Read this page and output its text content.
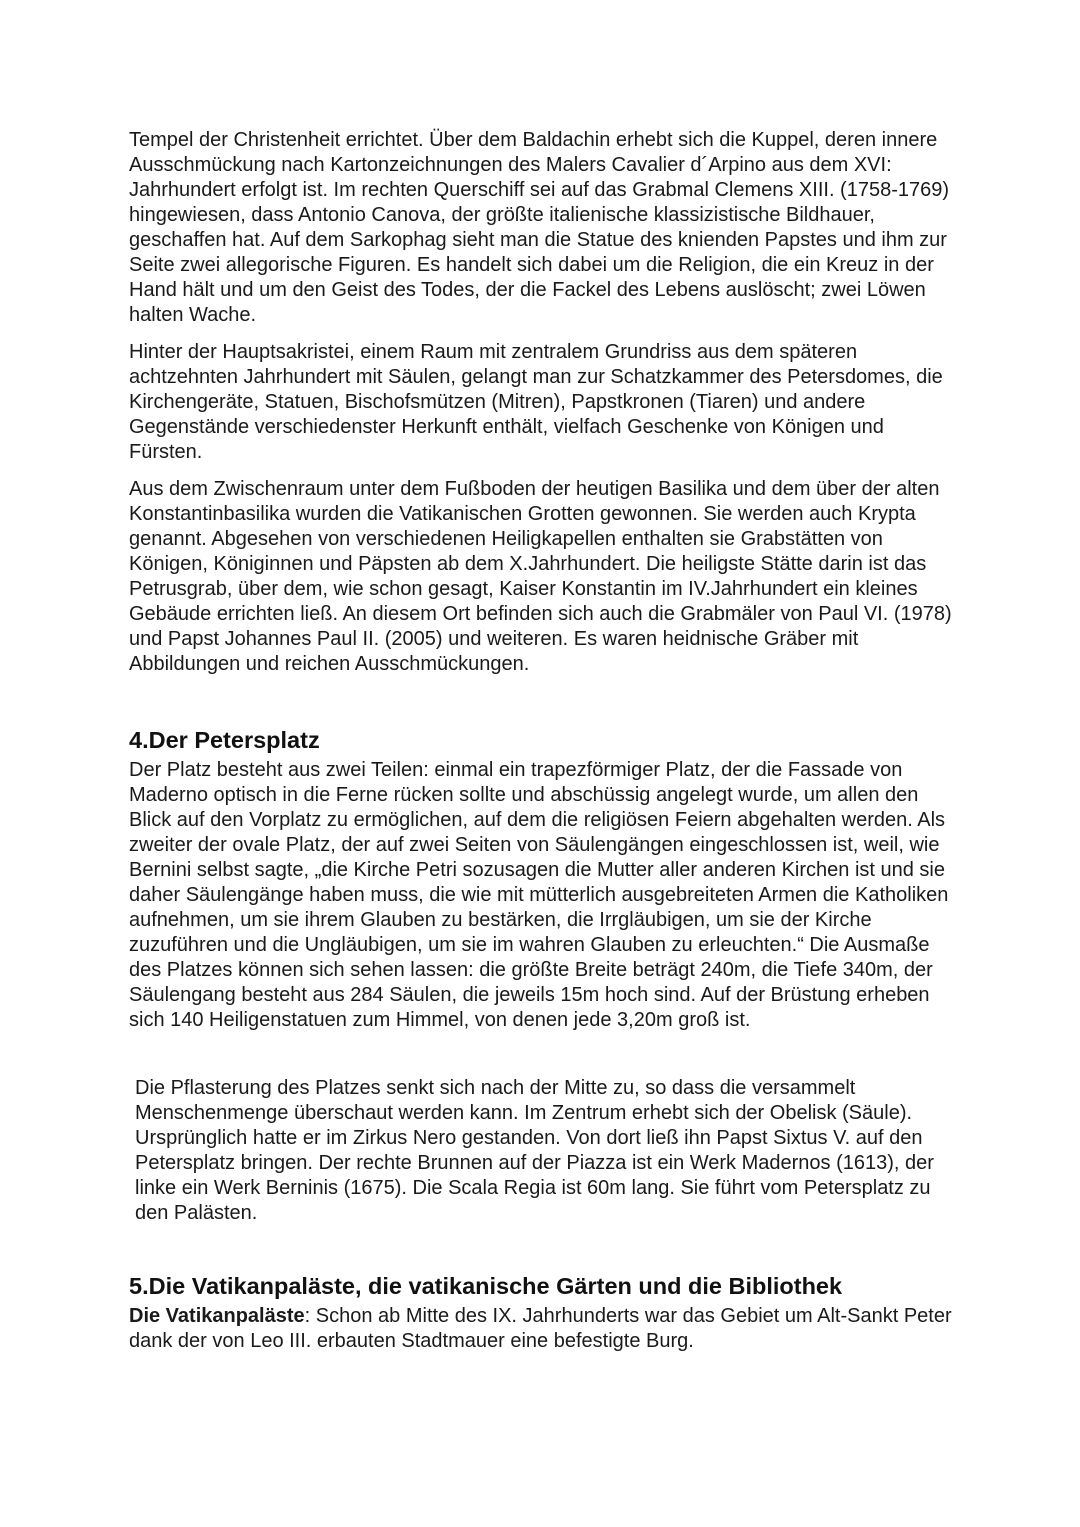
Tempel der Christenheit errichtet. Über dem Baldachin erhebt sich die Kuppel, deren innere Ausschmückung nach Kartonzeichnungen des Malers Cavalier d´Arpino aus dem XVI: Jahrhundert erfolgt ist. Im rechten Querschiff sei auf das Grabmal Clemens XIII. (1758-1769) hingewiesen, dass Antonio Canova, der größte italienische klassizistische Bildhauer, geschaffen hat. Auf dem Sarkophag sieht man die Statue des knienden Papstes und ihm zur Seite zwei allegorische Figuren. Es handelt sich dabei um die Religion, die ein Kreuz in der Hand hält und um den Geist des Todes, der die Fackel des Lebens auslöscht; zwei Löwen halten Wache.

Hinter der Hauptsakristei, einem Raum mit zentralem Grundriss aus dem späteren achtzehnten Jahrhundert mit Säulen, gelangt man zur Schatzkammer des Petersdomes, die Kirchengeräte, Statuen, Bischofsmützen (Mitren), Papstkronen (Tiaren) und andere Gegenstände verschiedenster Herkunft enthält, vielfach Geschenke von Königen und Fürsten.

Aus dem Zwischenraum unter dem Fußboden der heutigen Basilika und dem über der alten Konstantinbasilika wurden die Vatikanischen Grotten gewonnen. Sie werden auch Krypta genannt. Abgesehen von verschiedenen Heiligkapellen enthalten sie Grabstätten von Königen, Königinnen und Päpsten ab dem X.Jahrhundert. Die heiligste Stätte darin ist das Petrusgrab, über dem, wie schon gesagt, Kaiser Konstantin im IV.Jahrhundert ein kleines Gebäude errichten ließ. An diesem Ort befinden sich auch die Grabmäler von Paul VI. (1978) und Papst Johannes Paul II. (2005) und weiteren. Es waren heidnische Gräber mit Abbildungen und reichen Ausschmückungen.

4.Der Petersplatz

Der Platz besteht aus zwei Teilen: einmal ein trapezförmiger Platz, der die Fassade von Maderno optisch in die Ferne rücken sollte und abschüssig angelegt wurde, um allen den Blick auf den Vorplatz zu ermöglichen, auf dem die religiösen Feiern abgehalten werden. Als zweiter der ovale Platz, der auf zwei Seiten von Säulengängen eingeschlossen ist, weil, wie Bernini selbst sagte, „die Kirche Petri sozusagen die Mutter aller anderen Kirchen ist und sie daher Säulengänge haben muss, die wie mit mütterlich ausgebreiteten Armen die Katholiken aufnehmen, um sie ihrem Glauben zu bestärken, die Irrgläubigen, um sie der Kirche zuzuführen und die Ungläubigen, um sie im wahren Glauben zu erleuchten.“ Die Ausmaße des Platzes können sich sehen lassen: die größte Breite beträgt 240m, die Tiefe 340m, der Säulengang besteht aus 284 Säulen, die jeweils 15m hoch sind. Auf der Brüstung erheben sich 140 Heiligenstatuen zum Himmel, von denen jede 3,20m groß ist.

Die Pflasterung des Platzes senkt sich nach der Mitte zu, so dass die versammelt Menschenmenge überschaut werden kann. Im Zentrum erhebt sich der Obelisk (Säule). Ursprünglich hatte er im Zirkus Nero gestanden. Von dort ließ ihn Papst Sixtus V. auf den Petersplatz bringen. Der rechte Brunnen auf der Piazza ist ein Werk Madernos (1613), der linke ein Werk Berninis (1675). Die Scala Regia ist 60m lang. Sie führt vom Petersplatz zu den Palästen.

5.Die Vatikanpaläste, die vatikanische Gärten und die Bibliothek

Die Vatikanpaläste: Schon ab Mitte des IX. Jahrhunderts war das Gebiet um Alt-Sankt Peter dank der von Leo III. erbauten Stadtmauer eine befestigte Burg.
